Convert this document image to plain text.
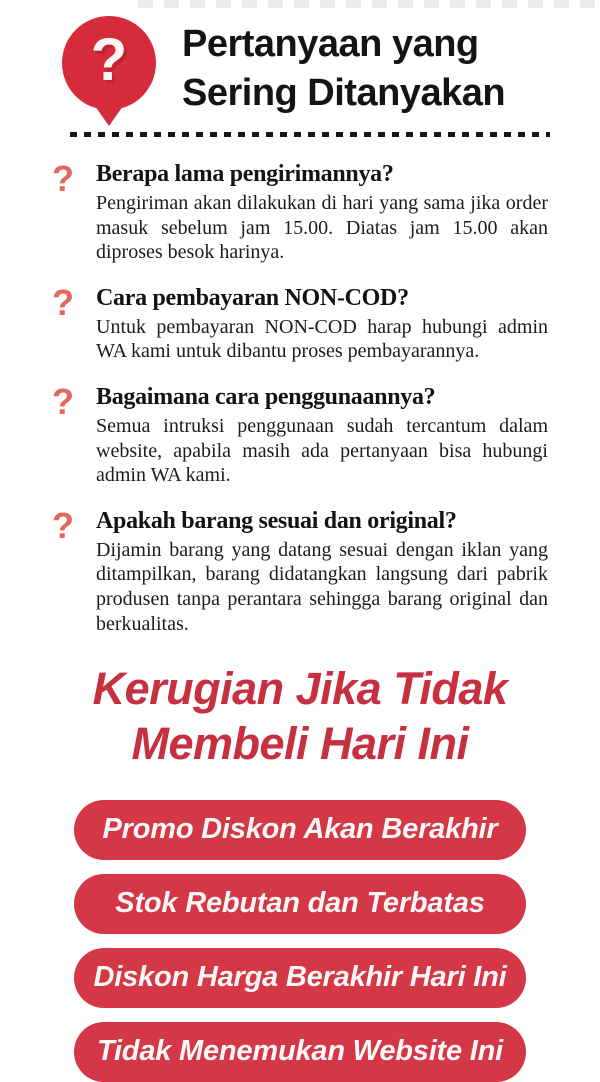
? Pertanyaan yang
Sering Ditanyakan
? Berapa lama pengirimannya?
Pengiriman akan dilakukan di hari yang sama jika order masuk sebelum jam 15.00. Diatas jam 15.00 akan diproses besok harinya.
? Cara pembayaran NON-COD?
Untuk pembayaran NON-COD harap hubungi admin WA kami untuk dibantu proses pembayarannya.
? Bagaimana cara penggunaannya?
Semua intruksi penggunaan sudah tercantum dalam website, apabila masih ada pertanyaan bisa hubungi admin WA kami.
? Apakah barang sesuai dan original?
Dijamin barang yang datang sesuai dengan iklan yang ditampilkan, barang didatangkan langsung dari pabrik produsen tanpa perantara sehingga barang original dan berkualitas.
Kerugian Jika Tidak
Membeli Hari Ini
Promo Diskon Akan Berakhir
Stok Rebutan dan Terbatas
Diskon Harga Berakhir Hari Ini
Tidak Menemukan Website Ini
